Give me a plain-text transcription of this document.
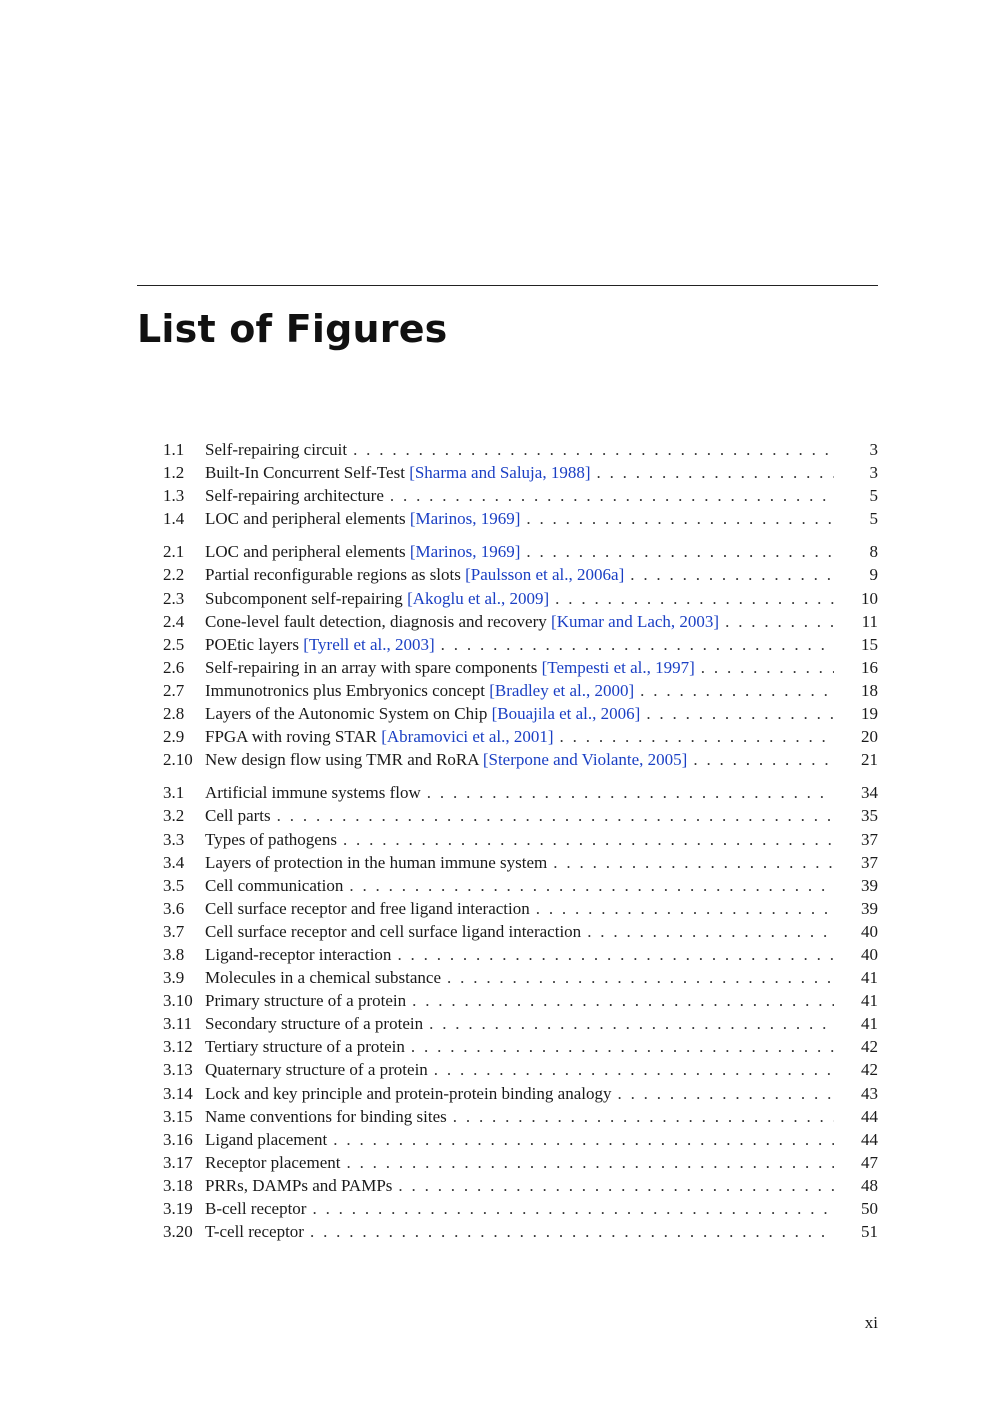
List of Figures
1.1	Self-repairing circuit . . .	3
1.2	Built-In Concurrent Self-Test [Sharma and Saluja, 1988] . . .	3
1.3	Self-repairing architecture . . .	5
1.4	LOC and peripheral elements [Marinos, 1969] . . .	5
2.1	LOC and peripheral elements [Marinos, 1969] . . .	8
2.2	Partial reconfigurable regions as slots [Paulsson et al., 2006a] . . .	9
2.3	Subcomponent self-repairing [Akoglu et al., 2009] . . .	10
2.4	Cone-level fault detection, diagnosis and recovery [Kumar and Lach, 2003] . . .	11
2.5	POEtic layers [Tyrell et al., 2003] . . .	15
2.6	Self-repairing in an array with spare components [Tempesti et al., 1997] . . .	16
2.7	Immunotronics plus Embryonics concept [Bradley et al., 2000] . . .	18
2.8	Layers of the Autonomic System on Chip [Bouajila et al., 2006] . . .	19
2.9	FPGA with roving STAR [Abramovici et al., 2001] . . .	20
2.10 New design flow using TMR and RoRA [Sterpone and Violante, 2005] . . .	21
3.1	Artificial immune systems flow . . .	34
3.2	Cell parts . . .	35
3.3	Types of pathogens . . .	37
3.4	Layers of protection in the human immune system . . .	37
3.5	Cell communication . . .	39
3.6	Cell surface receptor and free ligand interaction . . .	39
3.7	Cell surface receptor and cell surface ligand interaction . . .	40
3.8	Ligand-receptor interaction . . .	40
3.9	Molecules in a chemical substance . . .	41
3.10 Primary structure of a protein . . .	41
3.11 Secondary structure of a protein . . .	41
3.12 Tertiary structure of a protein . . .	42
3.13 Quaternary structure of a protein . . .	42
3.14 Lock and key principle and protein-protein binding analogy . . .	43
3.15 Name conventions for binding sites . . .	44
3.16 Ligand placement . . .	44
3.17 Receptor placement . . .	47
3.18 PRRs, DAMPs and PAMPs . . .	48
3.19 B-cell receptor . . .	50
3.20 T-cell receptor . . .	51
xi
